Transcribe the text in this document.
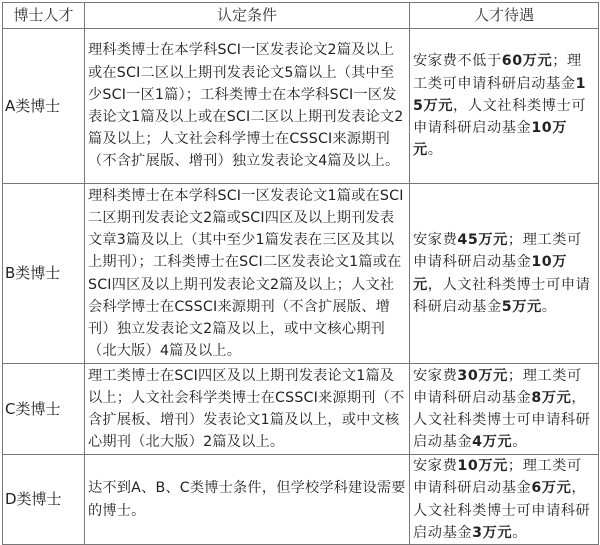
博士人才	认定条件	人才待遇
A类博士	理科类博士在本学科SCI一区发表论文2篇及以上或在SCI二区以上期刊发表论文5篇以上（其中至少SCI一区1篇）；工科类博士在本学科SCI一区发表论文1篇及以上或在SCI二区以上期刊发表论文2篇及以上；人文社会科学博士在CSSCI来源期刊（不含扩展版、增刊）独立发表论文4篇及以上。	安家费不低于60万元；理工类可申请科研启动基金15万元，人文社科类博士可申请科研启动基金10万元。
B类博士	理科类博士在本学科SCI一区发表论文1篇或在SCI二区期刊发表论文2篇或SCI四区及以上期刊发表文章3篇及以上（其中至少1篇发表在三区及其以上期刊）；工科类博士在SCI二区发表论文1篇或在SCI四区及以上期刊发表论文2篇及以上；人文社会科学博士在CSSCI来源期刊（不含扩展版、增刊）独立发表论文2篇及以上，或中文核心期刊（北大版）4篇及以上。	安家费45万元；理工类可申请科研启动基金10万元，人文社科类博士可申请科研启动基金5万元。
C类博士	理工类博士在SCI四区及以上期刊发表论文1篇及以上；人文社会科学类博士在CSSCI来源期刊（不含扩展板、增刊）发表论文1篇及以上，或中文核心期刊（北大版）2篇及以上。	安家费30万元；理工类可申请科研启动基金8万元，人文社科类博士可申请科研启动基金4万元。
D类博士	达不到A、B、C类博士条件，但学校学科建设需要的博士。	安家费10万元；理工类可申请科研启动基金6万元，人文社科类博士可申请科研启动基金3万元。
